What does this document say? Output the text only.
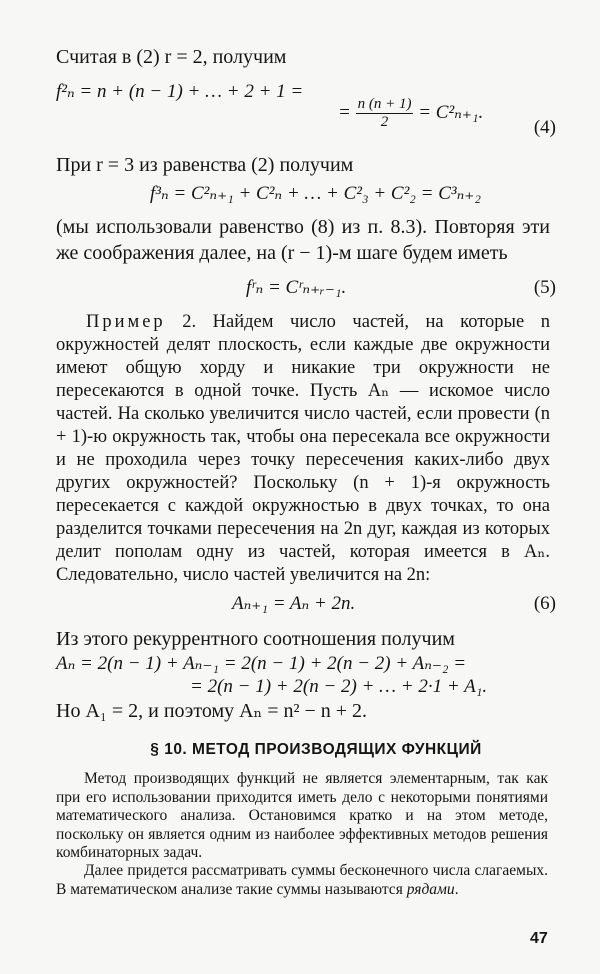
Считая в (2) r = 2, получим
f²ₙ = n + (n − 1) + … + 2 + 1 =
= $\frac{n (n + 1)}{2} = C^2_{n+1}$.
(4)
При r = 3 из равенства (2) получим
f³ₙ = C²ₙ₊₁ + C²ₙ + … + C²₃ + C²₂ = C³ₙ₊₂
(мы использовали равенство (8) из п. 8.3). Повторяя эти же соображения далее, на (r − 1)-м шаге будем иметь
fʳₙ = Cʳₙ₊ᵣ₋₁.	(5)
Пример 2. Найдем число частей, на которые n окружностей делят плоскость, если каждые две окружности имеют общую хорду и никакие три окружности не пересекаются в одной точке. Пусть Aₙ — искомое число частей. На сколько увеличится число частей, если провести (n + 1)-ю окружность так, чтобы она пересекала все окружности и не проходила через точку пересечения каких-либо двух других окружностей? Поскольку (n + 1)-я окружность пересекается с каждой окружностью в двух точках, то она разделится точками пересечения на 2n дуг, каждая из которых делит пополам одну из частей, которая имеется в Aₙ. Следовательно, число частей увеличится на 2n:
Aₙ₊₁ = Aₙ + 2n.	(6)
Из этого рекуррентного соотношения получим
Aₙ = 2(n − 1) + Aₙ₋₁ = 2(n − 1) + 2(n − 2) + Aₙ₋₂ =
= 2(n − 1) + 2(n − 2) + … + 2·1 + A₁.
Но A₁ = 2, и поэтому Aₙ = n² − n + 2.
§ 10. МЕТОД ПРОИЗВОДЯЩИХ ФУНКЦИЙ
Метод производящих функций не является элементарным, так как при его использовании приходится иметь дело с некоторыми понятиями математического анализа. Остановимся кратко и на этом методе, поскольку он является одним из наиболее эффективных методов решения комбинаторных задач.
Далее придется рассматривать суммы бесконечного числа слагаемых. В математическом анализе такие суммы называются рядами.
47
